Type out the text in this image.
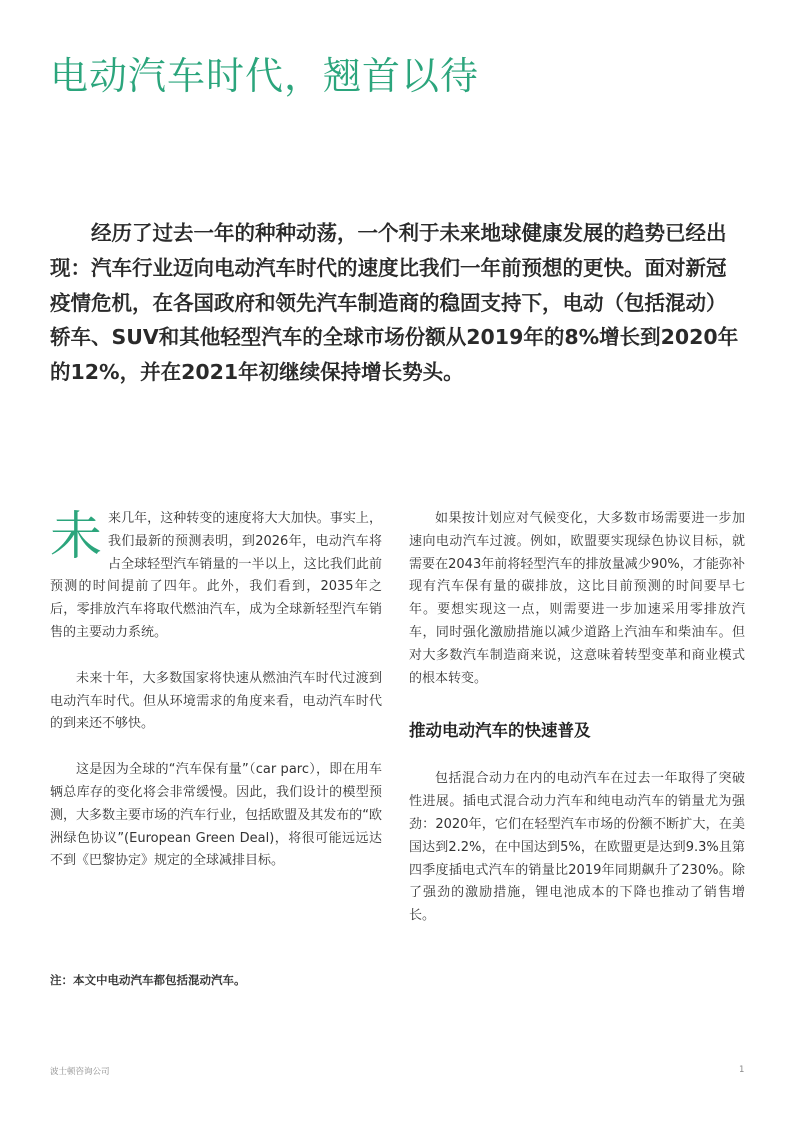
电动汽车时代，翘首以待

经历了过去一年的种种动荡，一个利于未来地球健康发展的趋势已经出现：汽车行业迈向电动汽车时代的速度比我们一年前预想的更快。面对新冠疫情危机，在各国政府和领先汽车制造商的稳固支持下，电动（包括混动）轿车、SUV和其他轻型汽车的全球市场份额从2019年的8%增长到2020年的12%，并在2021年初继续保持增长势头。

未来几年，这种转变的速度将大大加快。事实上，我们最新的预测表明，到2026年，电动汽车将占全球轻型汽车销量的一半以上，这比我们此前预测的时间提前了四年。此外，我们看到，2035年之后，零排放汽车将取代燃油汽车，成为全球新轻型汽车销售的主要动力系统。

未来十年，大多数国家将快速从燃油汽车时代过渡到电动汽车时代。但从环境需求的角度来看，电动汽车时代的到来还不够快。

这是因为全球的“汽车保有量”（car parc），即在用车辆总库存的变化将会非常缓慢。因此，我们设计的模型预测，大多数主要市场的汽车行业，包括欧盟及其发布的“欧洲绿色协议”(European Green Deal)，将很可能远远达不到《巴黎协定》规定的全球减排目标。

如果按计划应对气候变化，大多数市场需要进一步加速向电动汽车过渡。例如，欧盟要实现绿色协议目标，就需要在2043年前将轻型汽车的排放量减少90%，才能弥补现有汽车保有量的碳排放，这比目前预测的时间要早七年。要想实现这一点，则需要进一步加速采用零排放汽车，同时强化激励措施以减少道路上汽油车和柴油车。但对大多数汽车制造商来说，这意味着转型变革和商业模式的根本转变。

推动电动汽车的快速普及

包括混合动力在内的电动汽车在过去一年取得了突破性进展。插电式混合动力汽车和纯电动汽车的销量尤为强劲：2020年，它们在轻型汽车市场的份额不断扩大，在美国达到2.2%，在中国达到5%，在欧盟更是达到9.3%且第四季度插电式汽车的销量比2019年同期飙升了230%。除了强劲的激励措施，锂电池成本的下降也推动了销售增长。

注：本文中电动汽车都包括混动汽车。

波士顿咨询公司	1
